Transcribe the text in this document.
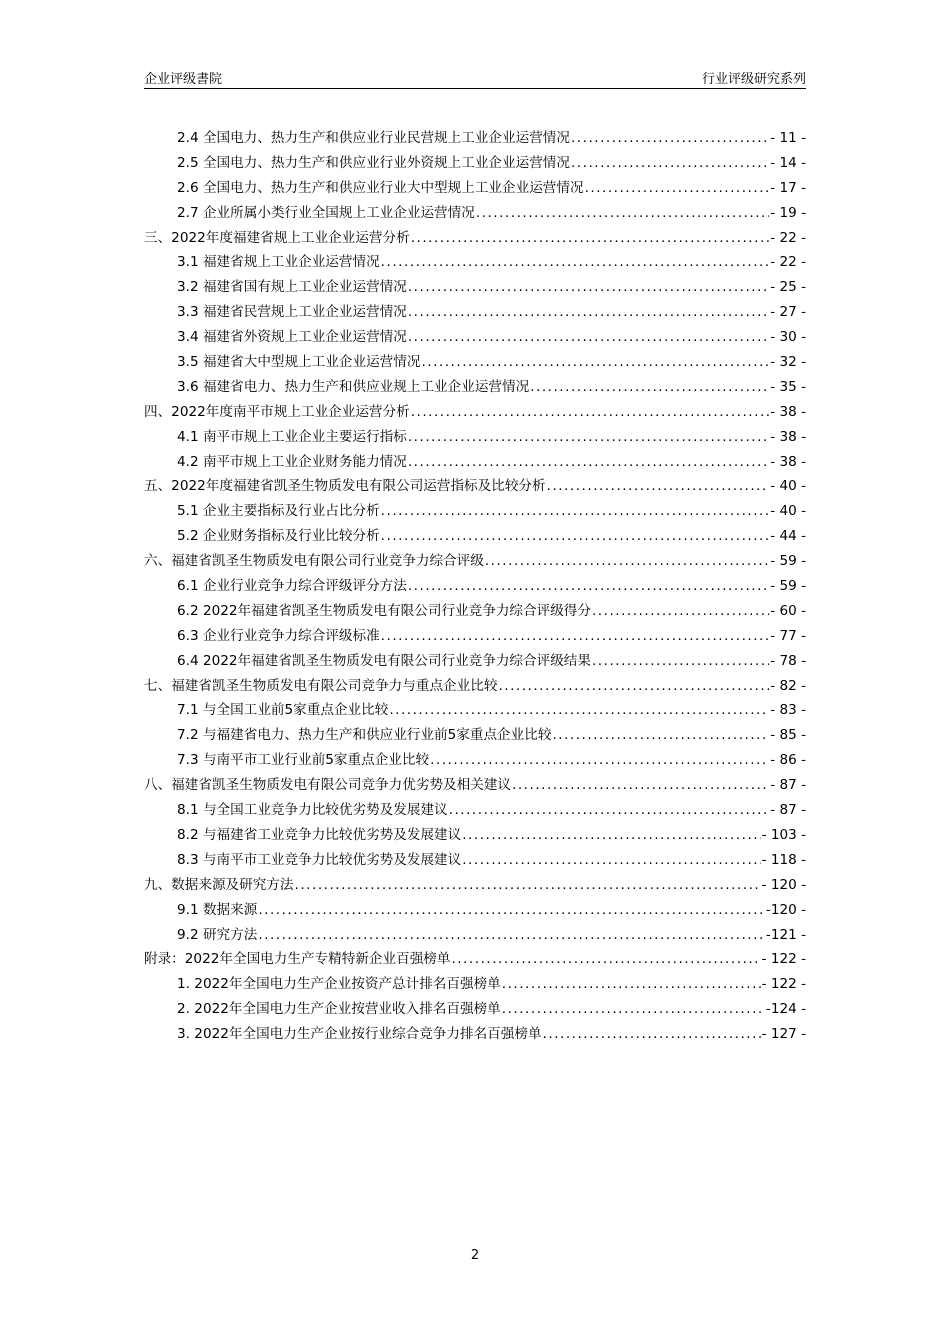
企业评级書院	行业评级研究系列
2.4 全国电力、热力生产和供应业行业民营规上工业企业运营情况 .....	- 11 -
2.5 全国电力、热力生产和供应业行业外资规上工业企业运营情况 .....	- 14 -
2.6 全国电力、热力生产和供应业行业大中型规上工业企业运营情况 .....	- 17 -
2.7 企业所属小类行业全国规上工业企业运营情况 .....	- 19 -
三、2022年度福建省规上工业企业运营分析 .....	- 22 -
3.1 福建省规上工业企业运营情况 .....	- 22 -
3.2 福建省国有规上工业企业运营情况 .....	- 25 -
3.3 福建省民营规上工业企业运营情况 .....	- 27 -
3.4 福建省外资规上工业企业运营情况 .....	- 30 -
3.5 福建省大中型规上工业企业运营情况 .....	- 32 -
3.6 福建省电力、热力生产和供应业规上工业企业运营情况 .....	- 35 -
四、2022年度南平市规上工业企业运营分析 .....	- 38 -
4.1 南平市规上工业企业主要运行指标 .....	- 38 -
4.2 南平市规上工业企业财务能力情况 .....	- 38 -
五、2022年度福建省凯圣生物质发电有限公司运营指标及比较分析 .....	- 40 -
5.1 企业主要指标及行业占比分析 .....	- 40 -
5.2 企业财务指标及行业比较分析 .....	- 44 -
六、福建省凯圣生物质发电有限公司行业竞争力综合评级 .....	- 59 -
6.1 企业行业竞争力综合评级评分方法 .....	- 59 -
6.2 2022年福建省凯圣生物质发电有限公司行业竞争力综合评级得分 .....	- 60 -
6.3 企业行业竞争力综合评级标准 .....	- 77 -
6.4 2022年福建省凯圣生物质发电有限公司行业竞争力综合评级结果 .....	- 78 -
七、福建省凯圣生物质发电有限公司竞争力与重点企业比较 .....	- 82 -
7.1 与全国工业前5家重点企业比较 .....	- 83 -
7.2 与福建省电力、热力生产和供应业行业前5家重点企业比较 .....	- 85 -
7.3 与南平市工业行业前5家重点企业比较 .....	- 86 -
八、福建省凯圣生物质发电有限公司竞争力优劣势及相关建议 .....	- 87 -
8.1 与全国工业竞争力比较优劣势及发展建议 .....	- 87 -
8.2 与福建省工业竞争力比较优劣势及发展建议 .....	- 103 -
8.3 与南平市工业竞争力比较优劣势及发展建议 .....	- 118 -
九、数据来源及研究方法 .....	- 120 -
9.1 数据来源 .....	-120 -
9.2 研究方法 .....	-121 -
附录：2022年全国电力生产专精特新企业百强榜单 .....	- 122 -
1. 2022年全国电力生产企业按资产总计排名百强榜单 .....	- 122 -
2. 2022年全国电力生产企业按营业收入排名百强榜单 .....	-124 -
3. 2022年全国电力生产企业按行业综合竞争力排名百强榜单 .....	- 127 -
2
